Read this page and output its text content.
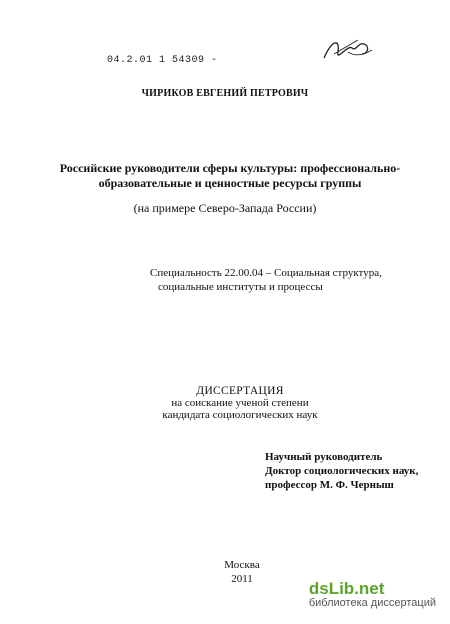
04.2.01 1 54309 -
ЧИРИКОВ ЕВГЕНИЙ ПЕТРОВИЧ
Российские руководители сферы культуры: профессионально-
образовательные и ценностные ресурсы группы
(на примере Северо-Запада России)
Специальность 22.00.04 – Социальная структура,
социальные институты и процессы
ДИССЕРТАЦИЯ
на соискание ученой степени
кандидата социологических наук
Научный руководитель
Доктор социологических наук,
профессор М. Ф. Черныш
Москва
2011	dsLib.net
библиотека диссертаций
